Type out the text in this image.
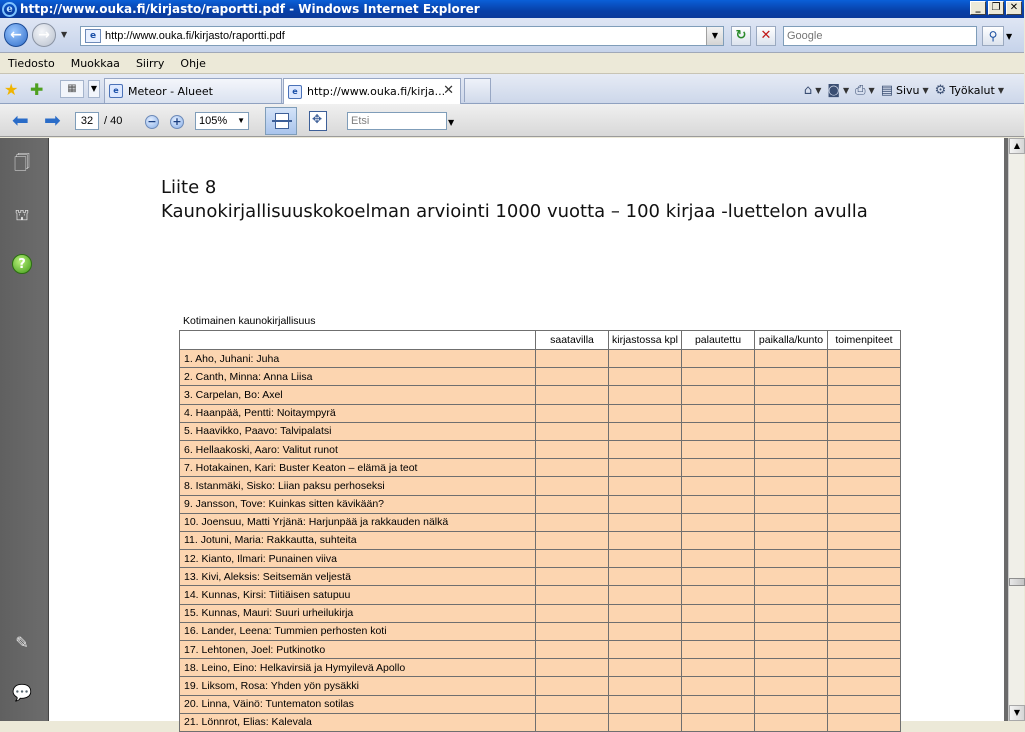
e http://www.ouka.fi/kirjasto/raportti.pdf - Windows Internet Explorer	_	❐ ✕
←	→	▼	e
http://www.ouka.fi/kirjasto/raportti.pdf	▼	↻	✕
Google	⚲	▼
Tiedosto	Muokkaa	Siirry	Ohje
★ ✚	▦	▼	e Meteor - Alueet	e http://www.ouka.fi/kirja...
✕	⌂ ▼ ◙ ▼ ⎙ ▼ ▤ Sivu ▼ ⚙ Työkalut ▼
⬅ ➡
32	/ 40 − +	105% ▼ ✥	Etsi	▼
🗍
⛫
?
✎
💬
Liite 8
Kaunokirjallisuuskokoelman arviointi 1000 vuotta – 100 kirjaa -luettelon avulla
Kotimainen kaunokirjallisuus
	saatavilla	kirjastossa kpl	palautettu	paikalla/kunto	toimenpiteet
1. Aho, Juhani: Juha					
2. Canth, Minna: Anna Liisa					
3. Carpelan, Bo: Axel					
4. Haanpää, Pentti: Noitaympyrä					
5. Haavikko, Paavo: Talvipalatsi					
6. Hellaakoski, Aaro: Valitut runot					
7. Hotakainen, Kari: Buster Keaton – elämä ja teot					
8. Istanmäki, Sisko: Liian paksu perhoseksi					
9. Jansson, Tove: Kuinkas sitten kävikään?					
10. Joensuu, Matti Yrjänä: Harjunpää ja rakkauden nälkä					
11. Jotuni, Maria: Rakkautta, suhteita					
12. Kianto, Ilmari: Punainen viiva					
13. Kivi, Aleksis: Seitsemän veljestä					
14. Kunnas, Kirsi: Tiitiäisen satupuu					
15. Kunnas, Mauri: Suuri urheilukirja					
16. Lander, Leena: Tummien perhosten koti					
17. Lehtonen, Joel: Putkinotko					
18. Leino, Eino: Helkavirsiä ja Hymyilevä Apollo					
19. Liksom, Rosa: Yhden yön pysäkki					
20. Linna, Väinö: Tuntematon sotilas					
21. Lönnrot, Elias: Kalevala					
▲
▼
